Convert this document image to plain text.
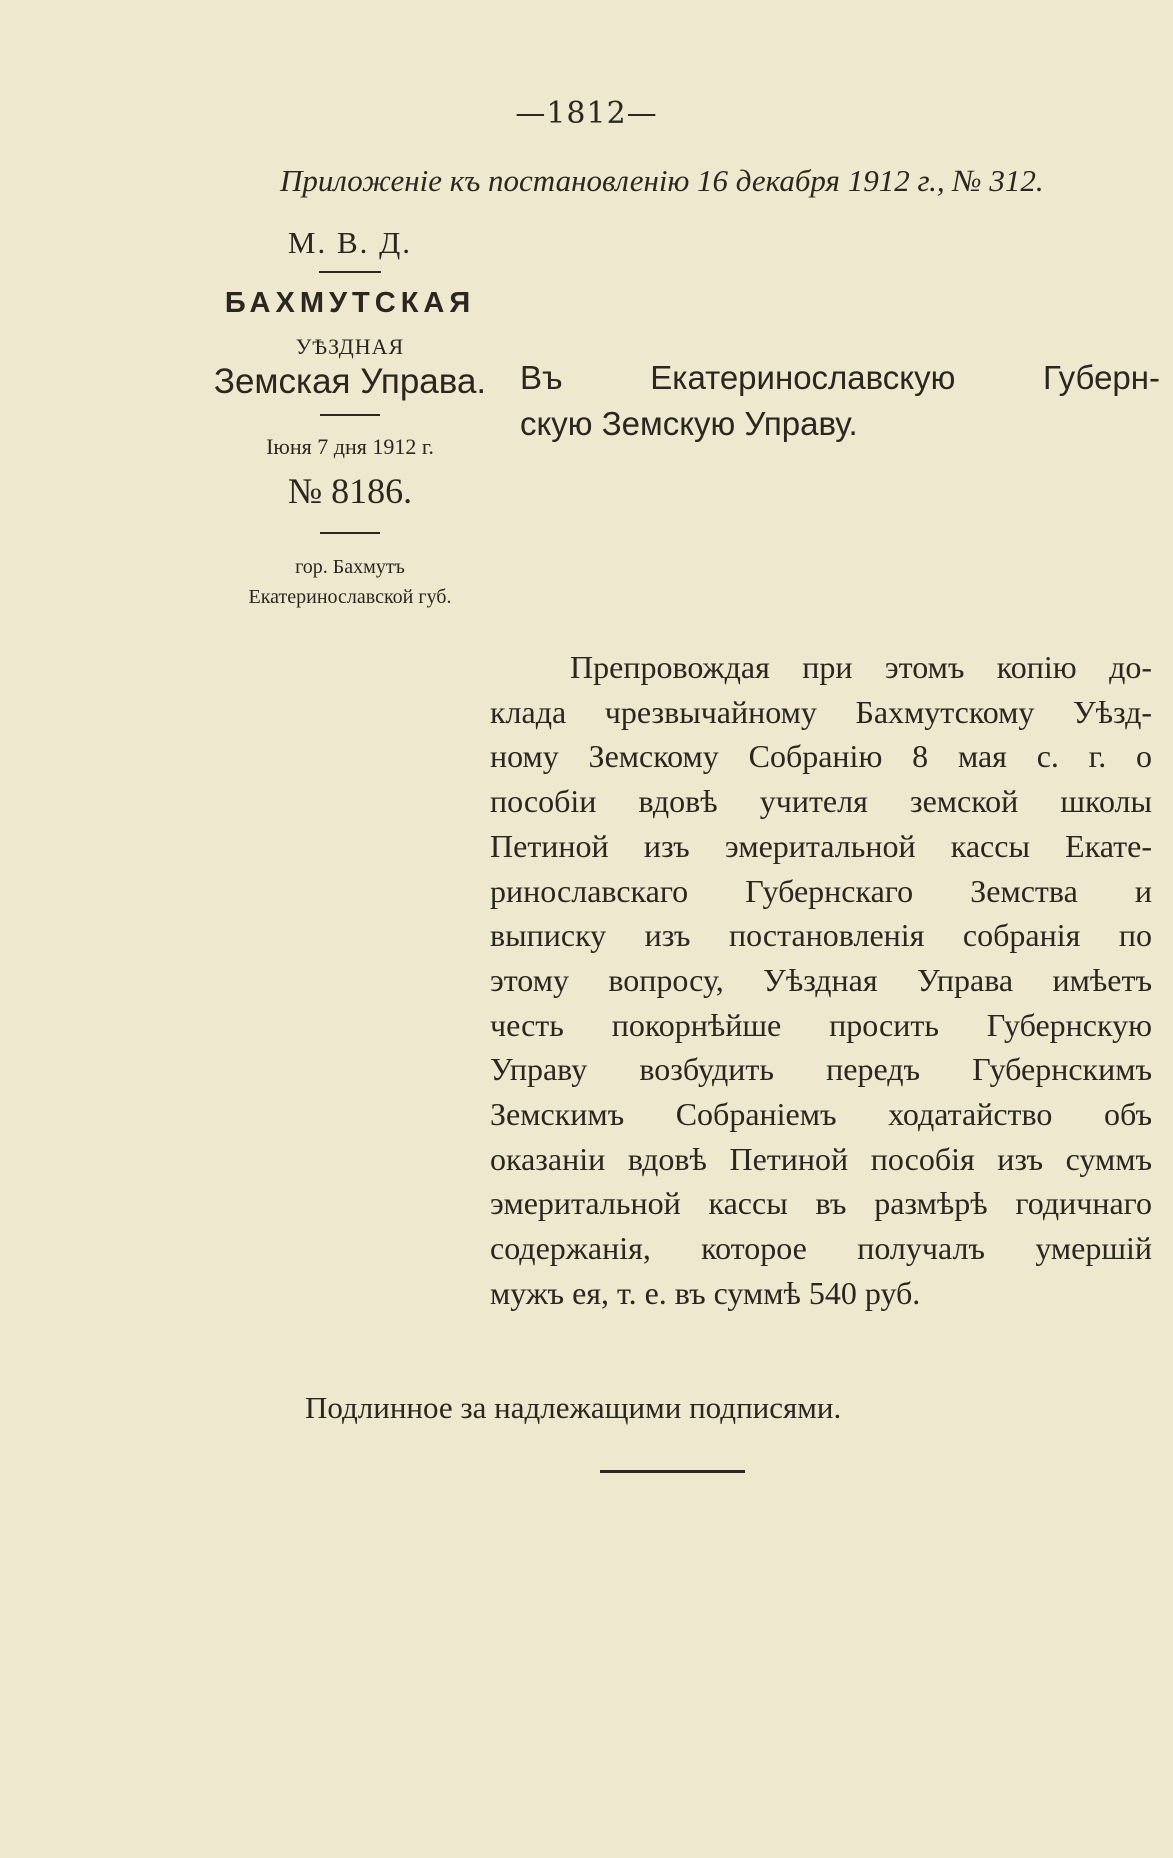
—1812—
Приложеніе къ постановленію 16 декабря 1912 г., № 312.
М. В. Д.
БАХМУТСКАЯ
УѢЗДНАЯ
Земская Управа.
Іюня 7 дня 1912 г.
№ 8186.
гор. Бахмутъ
Екатеринославской губ.
Въ Екатеринославскую Губерн-
скую Земскую Управу.
Препровождая при этомъ копію до-
клада чрезвычайному Бахмутскому Уѣзд-
ному Земскому Собранію 8 мая с. г. о
пособіи вдовѣ учителя земской школы
Петиной изъ эмеритальной кассы Екате-
ринославскаго Губернскаго Земства и
выписку изъ постановленія собранія по
этому вопросу, Уѣздная Управа имѣетъ
честь покорнѣйше просить Губернскую
Управу возбудить передъ Губернскимъ
Земскимъ Собраніемъ ходатайство объ
оказаніи вдовѣ Петиной пособія изъ суммъ
эмеритальной кассы въ размѣрѣ годичнаго
содержанія, которое получалъ умершій
мужъ ея, т. е. въ суммѣ 540 руб.
Подлинное за надлежащими подписями.
